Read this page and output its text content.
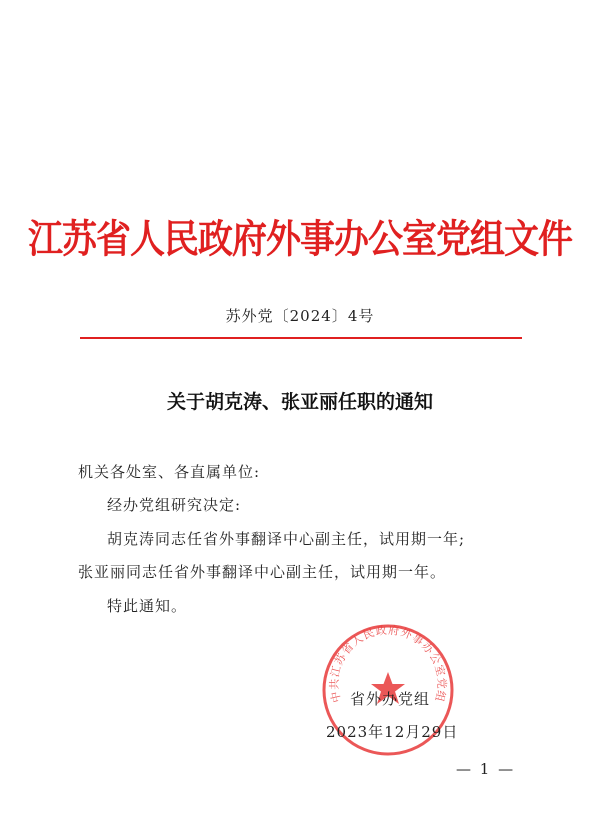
江苏省人民政府外事办公室党组文件
苏外党〔2024〕4号
关于胡克涛、张亚丽任职的通知
机关各处室、各直属单位:
经办党组研究决定:
胡克涛同志任省外事翻译中心副主任，试用期一年;
张亚丽同志任省外事翻译中心副主任，试用期一年。
特此通知。
中共江苏省人民政府外事办公室党组
省外办党组
2023年12月29日
— 1 —
